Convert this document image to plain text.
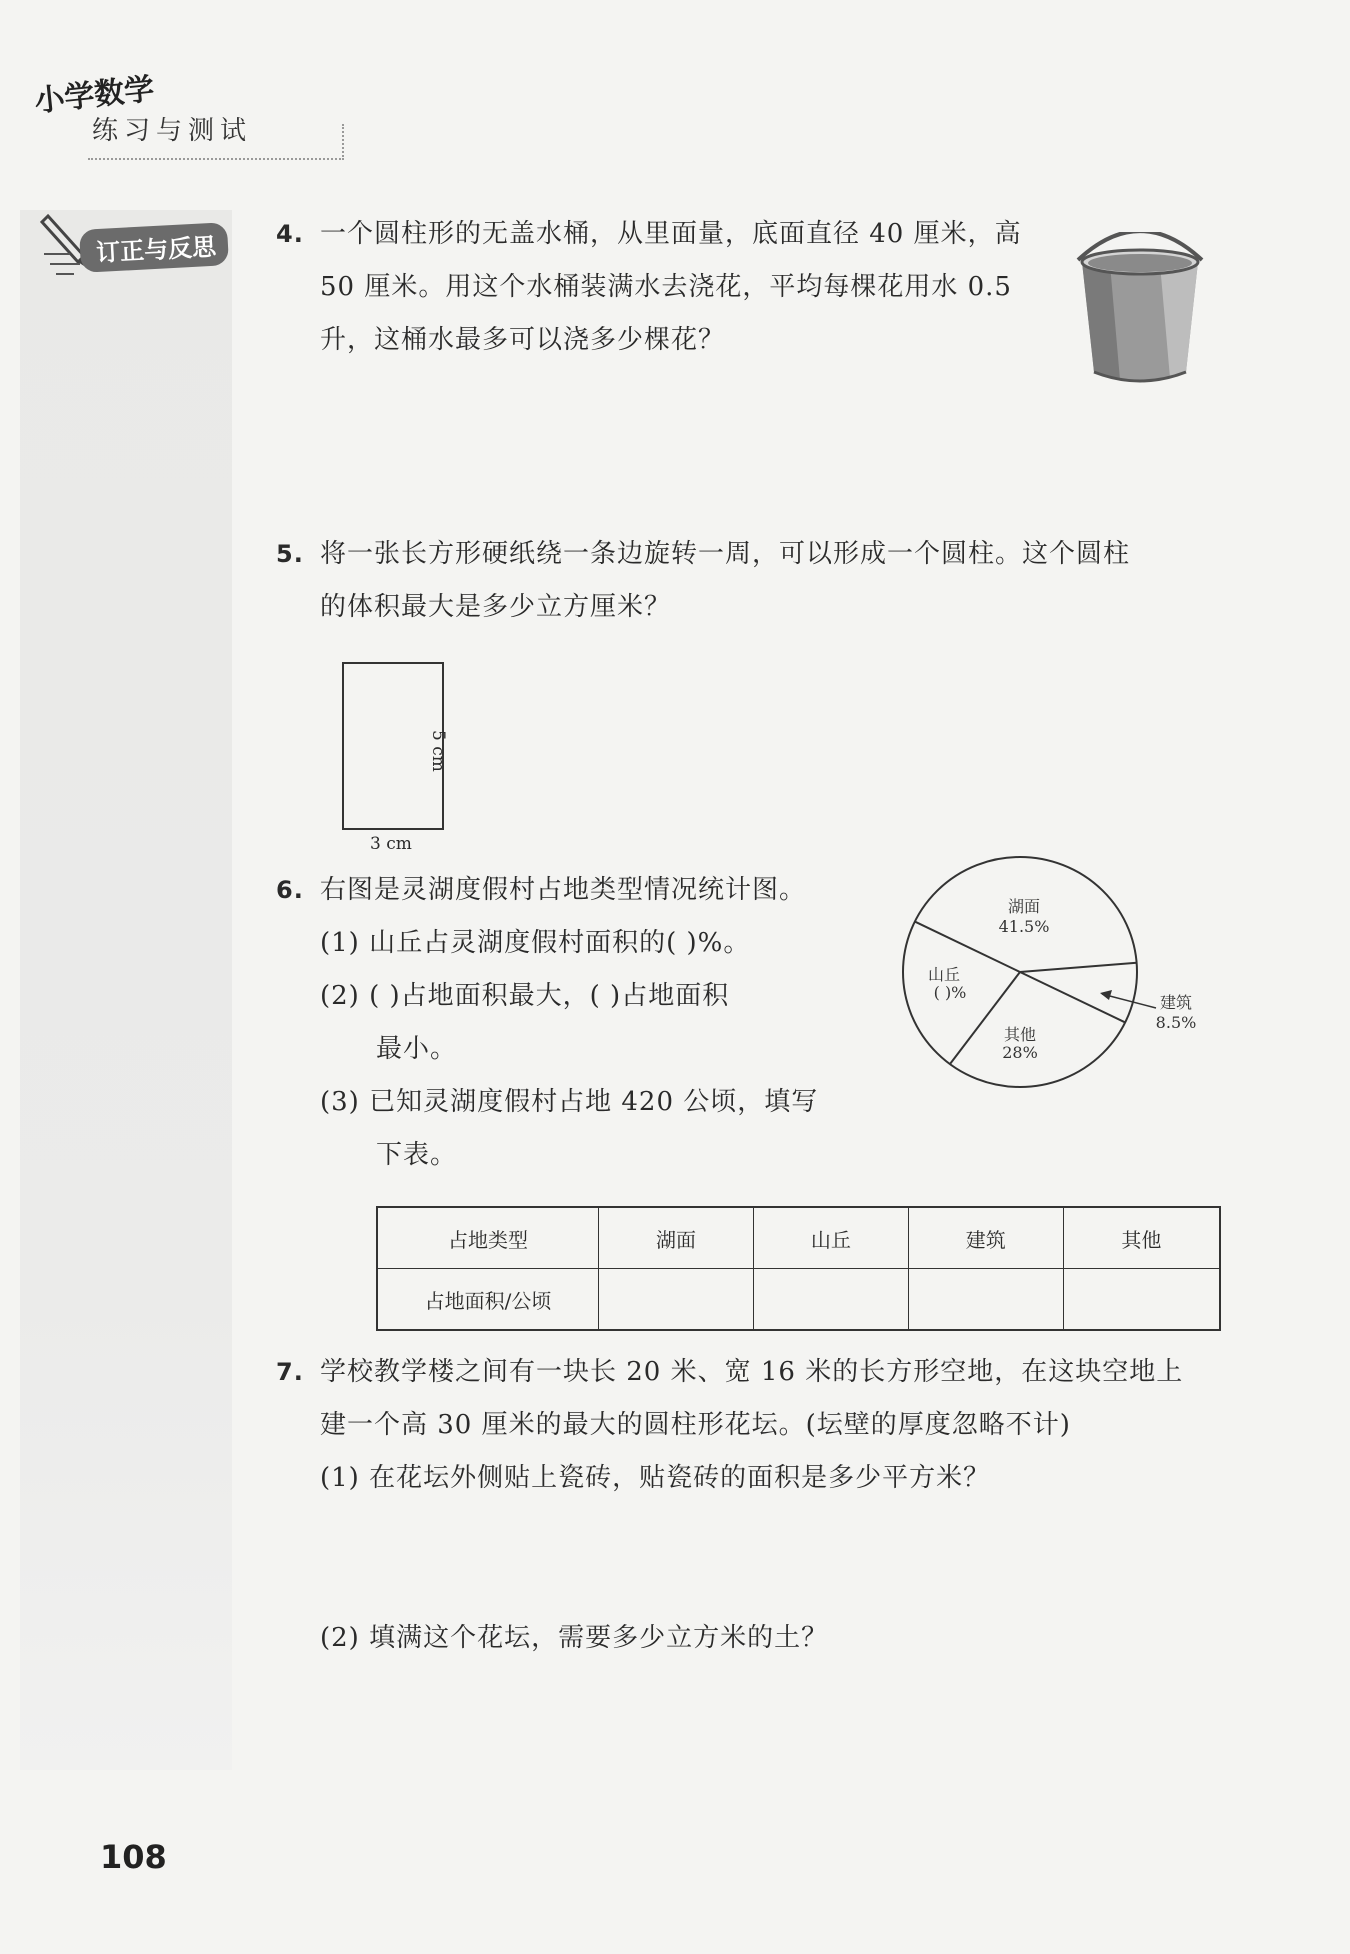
小学数学
练习与测试
订正与反思	4. 一个圆柱形的无盖水桶，从里面量，底面直径 40 厘米，高
50 厘米。用这个水桶装满水去浇花，平均每棵花用水 0.5
升，这桶水最多可以浇多少棵花？
5. 将一张长方形硬纸绕一条边旋转一周，可以形成一个圆柱。这个圆柱
的体积最大是多少立方厘米？
5 cm
3 cm
6. 右图是灵湖度假村占地类型情况统计图。
(1) 山丘占灵湖度假村面积的( )%。
(2) ( )占地面积最大，( )占地面积
最小。
(3) 已知灵湖度假村占地 420 公顷，填写
下表。
湖面
41.5%
山丘
( )%
其他
28%
建筑
8.5%
占地类型	湖面	山丘	建筑	其他
占地面积/公顷				
7. 学校教学楼之间有一块长 20 米、宽 16 米的长方形空地，在这块空地上
建一个高 30 厘米的最大的圆柱形花坛。(坛壁的厚度忽略不计)
(1) 在花坛外侧贴上瓷砖，贴瓷砖的面积是多少平方米？
(2) 填满这个花坛，需要多少立方米的土？
108
